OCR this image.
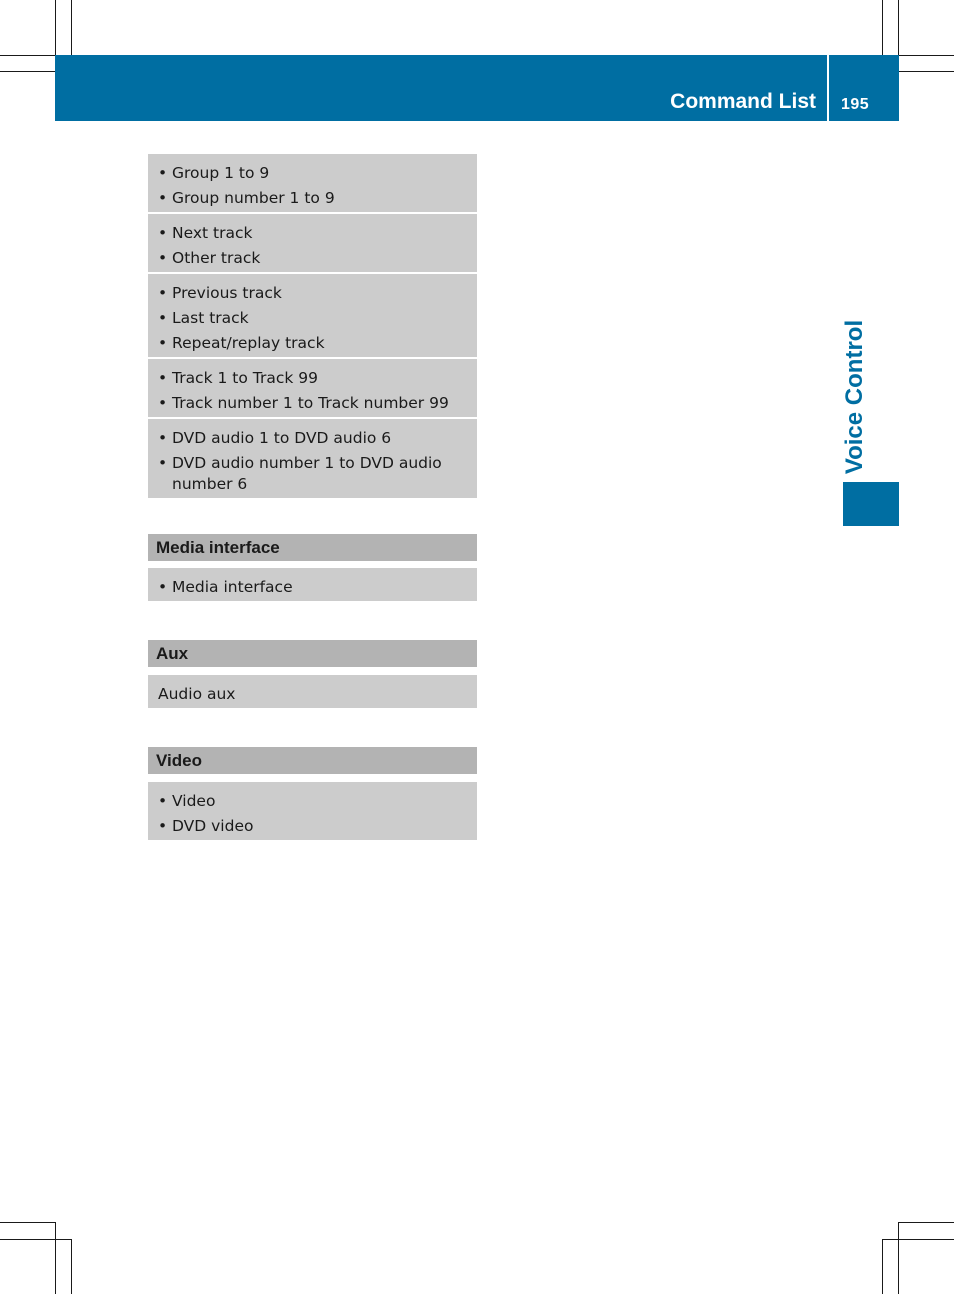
Command List 195
Voice Control
• Group 1 to 9
• Group number 1 to 9
• Next track
• Other track
• Previous track
• Last track
• Repeat/replay track
• Track 1 to Track 99
• Track number 1 to Track number 99
• DVD audio 1 to DVD audio 6
• DVD audio number 1 to DVD audio number 6
Media interface
• Media interface
Aux
Audio aux
Video
• Video
• DVD video
